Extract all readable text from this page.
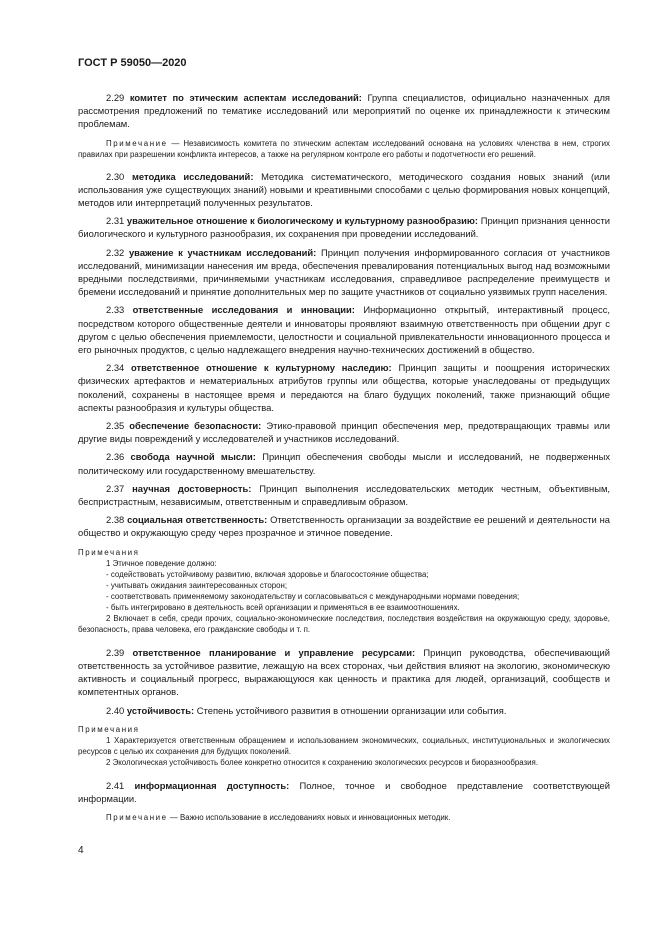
ГОСТ Р 59050—2020

2.29 комитет по этическим аспектам исследований: Группа специалистов, официально назначенных для рассмотрения предложений по тематике исследований или мероприятий по оценке их принадлежности к этическим проблемам.

Примечание — Независимость комитета по этическим аспектам исследований основана на условиях членства в нем, строгих правилах при разрешении конфликта интересов, а также на регулярном контроле его работы и подотчетности его решений.

2.30 методика исследований: Методика систематического, методического создания новых знаний (или использования уже существующих знаний) новыми и креативными способами с целью формирования новых концепций, методов или интерпретаций полученных результатов.

2.31 уважительное отношение к биологическому и культурному разнообразию: Принцип признания ценности биологического и культурного разнообразия, их сохранения при проведении исследований.

2.32 уважение к участникам исследований: Принцип получения информированного согласия от участников исследований, минимизации нанесения им вреда, обеспечения превалирования потенциальных выгод над возможными вредными последствиями, причиняемыми участникам исследования, справедливое распределение преимуществ и бремени исследований и принятие дополнительных мер по защите участников от социально уязвимых групп населения.

2.33 ответственные исследования и инновации: Информационно открытый, интерактивный процесс, посредством которого общественные деятели и инноваторы проявляют взаимную ответственность при общении друг с другом с целью обеспечения приемлемости, целостности и социальной привлекательности инновационного процесса и его рыночных продуктов, с целью надлежащего внедрения научно-технических достижений в общество.

2.34 ответственное отношение к культурному наследию: Принцип защиты и поощрения исторических физических артефактов и нематериальных атрибутов группы или общества, которые унаследованы от предыдущих поколений, сохранены в настоящее время и передаются на благо будущих поколений, также признающий общие аспекты разнообразия и культуры общества.

2.35 обеспечение безопасности: Этико-правовой принцип обеспечения мер, предотвращающих травмы или другие виды повреждений у исследователей и участников исследований.

2.36 свобода научной мысли: Принцип обеспечения свободы мысли и исследований, не подверженных политическому или государственному вмешательству.

2.37 научная достоверность: Принцип выполнения исследовательских методик честным, объективным, беспристрастным, независимым, ответственным и справедливым образом.

2.38 социальная ответственность: Ответственность организации за воздействие ее решений и деятельности на общество и окружающую среду через прозрачное и этичное поведение.

Примечания

1 Этичное поведение должно:

- содействовать устойчивому развитию, включая здоровье и благосостояние общества;

- учитывать ожидания заинтересованных сторон;

- соответствовать применяемому законодательству и согласовываться с международными нормами поведения;

- быть интегрировано в деятельность всей организации и применяться в ее взаимоотношениях.

2 Включает в себя, среди прочих, социально-экономические последствия, последствия воздействия на окружающую среду, здоровье, безопасность, права человека, его гражданские свободы и т. п.

2.39 ответственное планирование и управление ресурсами: Принцип руководства, обеспечивающий ответственность за устойчивое развитие, лежащую на всех сторонах, чьи действия влияют на экологию, экономическую активность и социальный прогресс, выражающуюся как ценность и практика для людей, организаций, сообществ и компетентных органов.

2.40 устойчивость: Степень устойчивого развития в отношении организации или события.

Примечания

1 Характеризуется ответственным обращением и использованием экономических, социальных, институциональных и экологических ресурсов с целью их сохранения для будущих поколений.

2 Экологическая устойчивость более конкретно относится к сохранению экологических ресурсов и биоразнообразия.

2.41 информационная доступность: Полное, точное и свободное представление соответствующей информации.

Примечание — Важно использование в исследованиях новых и инновационных методик.

4
